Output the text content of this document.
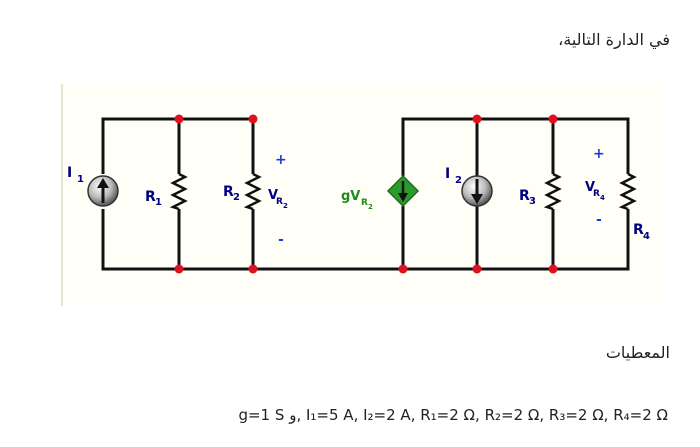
في الدارة التالية،
I 1
R 1
R 2 V
R 2
I 2
R 3
V
R 4
R 4
gV R 2
+
-
+
-
المعطيات
g=1 S و, I₁=5 A, I₂=2 A, R₁=2 Ω, R₂=2 Ω, R₃=2 Ω, R₄=2 Ω
